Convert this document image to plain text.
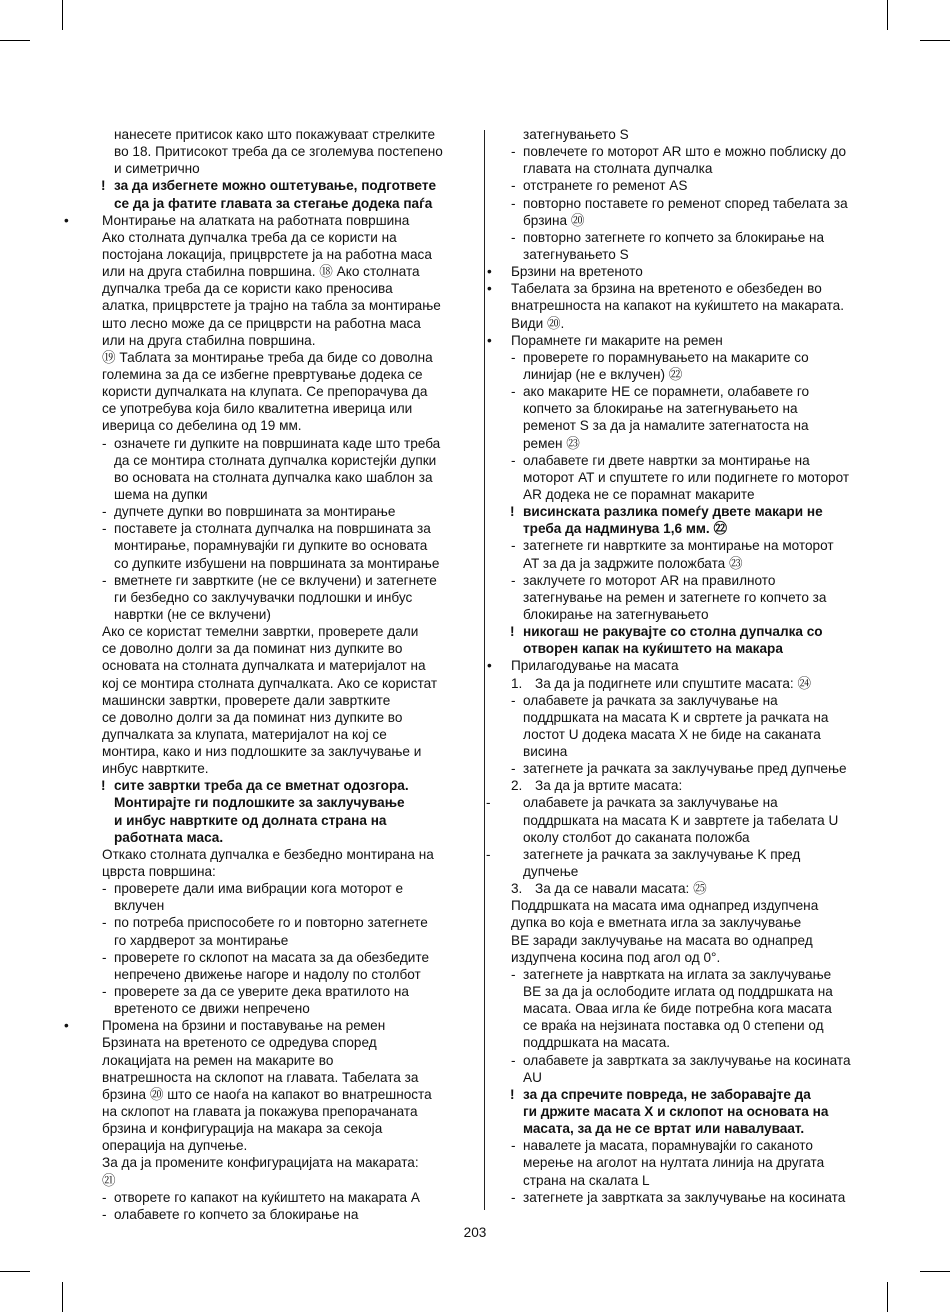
нанесете притисок како што покажуваат стрелките
во 18. Притисокот треба да се зголемува постепено
и симетрично
! за да избегнете можно оштетување, подгответе
се да ја фатите главата за стегање додека паѓа
• Монтирање на алатката на работната површина
Ако столната дупчалка треба да се користи на
постојана локација, прицврстете ја на работна маса
или на друга стабилна површина. ⑱ Ако столната
дупчалка треба да се користи како преносива
алатка, прицврстете ја трајно на табла за монтирање
што лесно може да се прицврсти на работна маса
или на друга стабилна површина.
⑲ Таблата за монтирање треба да биде со доволна
големина за да се избегне превртување додека се
користи дупчалката на клупата. Се препорачува да
се употребува која било квалитетна иверица или
иверица со дебелина од 19 мм.
- означете ги дупките на површината каде што треба
да се монтира столната дупчалка користејќи дупки
во основата на столната дупчалка како шаблон за
шема на дупки
- дупчете дупки во површината за монтирање
- поставете ја столната дупчалка на површината за
монтирање, порамнувајќи ги дупките во основата
со дупките избушени на површината за монтирање
- вметнете ги завртките (не се вклучени) и затегнете
ги безбедно со заклучувачки подлошки и инбус
навртки (не се вклучени)
Ако се користат темелни завртки, проверете дали
се доволно долги за да поминат низ дупките во
основата на столната дупчалката и материјалот на
кој се монтира столната дупчалката. Ако се користат
машински завртки, проверете дали завртките
се доволно долги за да поминат низ дупките во
дупчалката за клупата, материјалот на кој се
монтира, како и низ подлошките за заклучување и
инбус навртките.
! сите завртки треба да се вметнат одозгора.
Монтирајте ги подлошките за заклучување
и инбус навртките од долната страна на
работната маса.
Откако столната дупчалка е безбедно монтирана на
цврста површина:
- проверете дали има вибрации кога моторот е
вклучен
- по потреба приспособете го и повторно затегнете
го хардверот за монтирање
- проверете го склопот на масата за да обезбедите
непречено движење нагоре и надолу по столбот
- проверете за да се уверите дека вратилото на
вретеното се движи непречено
• Промена на брзини и поставување на ремен
Брзината на вретеното се одредува според
локацијата на ремен на макарите во
внатрешноста на склопот на главата. Табелата за
брзина ⑳ што се наоѓа на капакот во внатрешноста
на склопот на главата ја покажува препорачаната
брзина и конфигурација на макара за секоја
операција на дупчење.
За да ја промените конфигурацијата на макарата:
㉑
- отворете го капакот на куќиштето на макарата A
- олабавете го копчето за блокирање на
затегнувањето S
- повлечете го моторот AR што е можно поблиску до
главата на столната дупчалка
- отстранете го ременот AS
- повторно поставете го ременот според табелата за
брзина ⑳
- повторно затегнете го копчето за блокирање на
затегнувањето S
• Брзини на вретеното
• Табелата за брзина на вретеното е обезбеден во
внатрешноста на капакот на куќиштето на макарата.
Види ⑳.
• Порамнете ги макарите на ремен
- проверете го порамнувањето на макарите со
линијар (не е вклучен) ㉒
- ако макарите НЕ се порамнети, олабавете го
копчето за блокирање на затегнувањето на
ременот S за да ја намалите затегнатоста на
ремен ㉓
- олабавете ги двете навртки за монтирање на
моторот AT и спуштете го или подигнете го моторот
AR додека не се порамнат макарите
! висинската разлика помеѓу двете макари не
треба да надминува 1,6 мм. ㉒
- затегнете ги навртките за монтирање на моторот
AT за да ја задржите положбата ㉓
- заклучете го моторот AR на правилното
затегнување на ремен и затегнете го копчето за
блокирање на затегнувањето
! никогаш не ракувајте со столна дупчалка со
отворен капак на куќиштето на макара
• Прилагодување на масата
1. За да ја подигнете или спуштите масата: ㉔
- олабавете ја рачката за заклучување на
поддршката на масата K и свртете ја рачката на
лостот U додека масата X не биде на саканата
висина
- затегнете ја рачката за заклучување пред дупчење
2. За да ја вртите масата:
- олабавете ја рачката за заклучување на
поддршката на масата K и завртете ја табелата U
околу столбот до саканата положба
- затегнете ја рачката за заклучување K пред
дупчење
3. За да се навали масата: ㉕
Поддршката на масата има однапред издупчена
дупка во која е вметната игла за заклучување
BE заради заклучување на масата во однапред
издупчена косина под агол од 0°.
- затегнете ја навртката на иглата за заклучување
BE за да ја ослободите иглата од поддршката на
масата. Оваа игла ќе биде потребна кога масата
се враќа на нејзината поставка од 0 степени од
поддршката на масата.
- олабавете ја завртката за заклучување на косината
AU
! за да спречите повреда, не заборавајте да
ги држите масата X и склопот на основата на
масата, за да не се вртат или навалуваат.
- навалете ја масата, порамнувајќи го саканото
мерење на аголот на нултата линија на другата
страна на скалата L
- затегнете ја завртката за заклучување на косината
203
